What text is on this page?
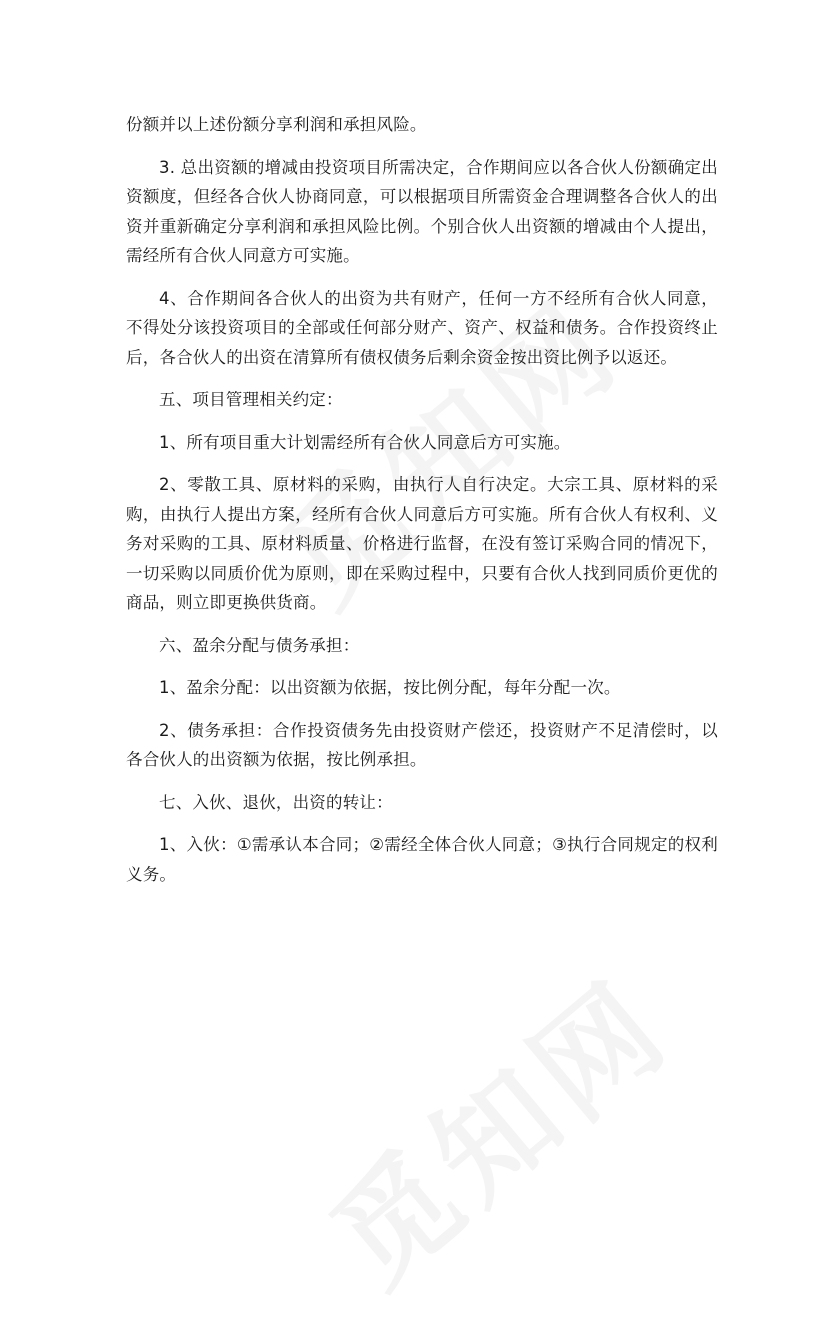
份额并以上述份额分享利润和承担风险。

3. 总出资额的增减由投资项目所需决定，合作期间应以各合伙人份额确定出资额度，但经各合伙人协商同意，可以根据项目所需资金合理调整各合伙人的出资并重新确定分享利润和承担风险比例。个别合伙人出资额的增减由个人提出，需经所有合伙人同意方可实施。

4、合作期间各合伙人的出资为共有财产，任何一方不经所有合伙人同意，不得处分该投资项目的全部或任何部分财产、资产、权益和债务。合作投资终止后，各合伙人的出资在清算所有债权债务后剩余资金按出资比例予以返还。

五、项目管理相关约定：

1、所有项目重大计划需经所有合伙人同意后方可实施。

2、零散工具、原材料的采购，由执行人自行决定。大宗工具、原材料的采购，由执行人提出方案，经所有合伙人同意后方可实施。所有合伙人有权利、义务对采购的工具、原材料质量、价格进行监督，在没有签订采购合同的情况下，一切采购以同质价优为原则，即在采购过程中，只要有合伙人找到同质价更优的商品，则立即更换供货商。

六、盈余分配与债务承担：

1、盈余分配：以出资额为依据，按比例分配，每年分配一次。

2、债务承担：合作投资债务先由投资财产偿还，投资财产不足清偿时，以各合伙人的出资额为依据，按比例承担。

七、入伙、退伙，出资的转让：

1、入伙：①需承认本合同；②需经全体合伙人同意；③执行合同规定的权利义务。
